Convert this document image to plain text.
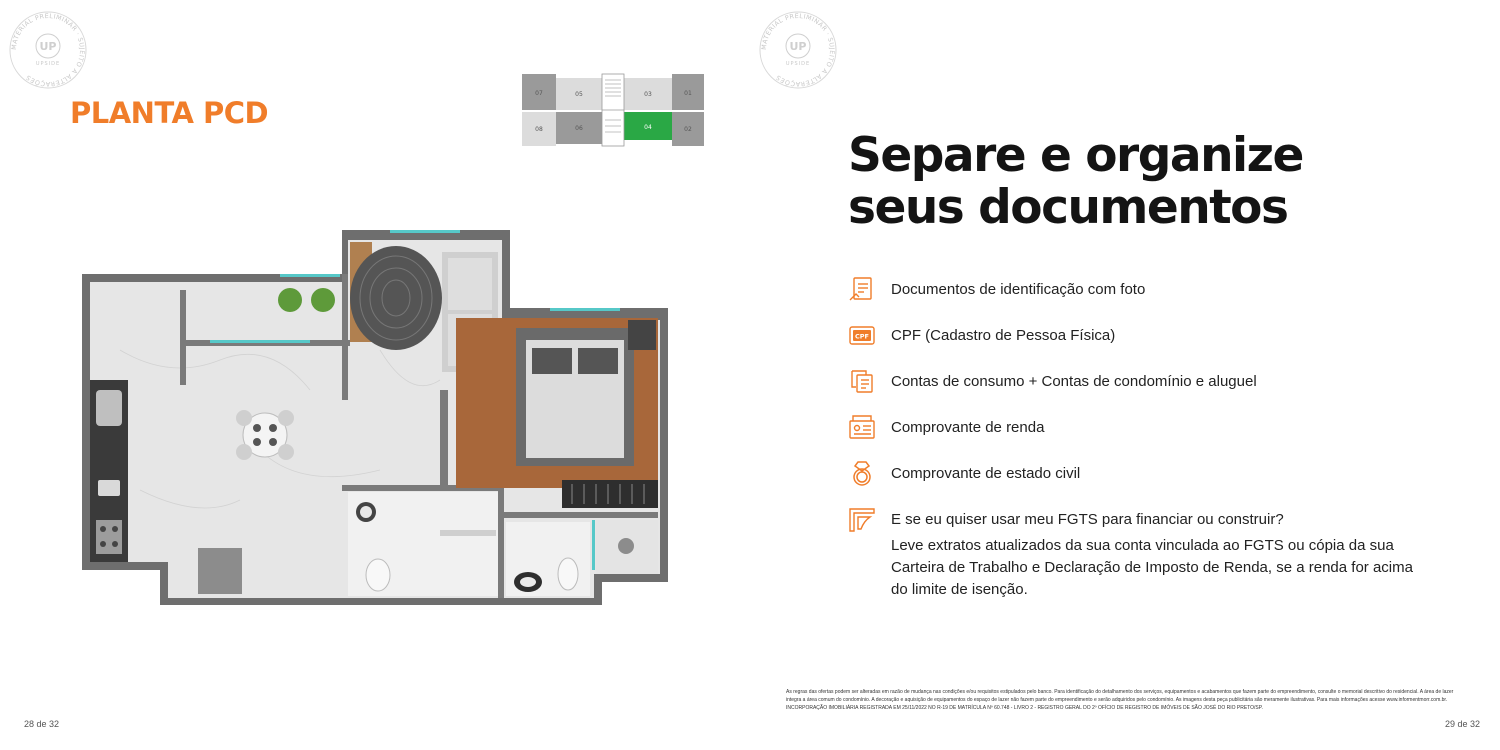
MATERIAL PRELIMINAR · SUJEITO A ALTERAÇÕES
UP
UPSIDE
MATERIAL PRELIMINAR · SUJEITO A ALTERAÇÕES
UP
UPSIDE
PLANTA PCD
07	05	03	01
08	06	04	02
28 de 32
Separe e organize
seus documentos
Documentos de identificação com foto
CPF CPF (Cadastro de Pessoa Física)
Contas de consumo + Contas de condomínio e aluguel
Comprovante de renda
Comprovante de estado civil
E se eu quiser usar meu FGTS para financiar ou construir?
Leve extratos atualizados da sua conta vinculada ao FGTS ou cópia da sua Carteira de Trabalho e Declaração de Imposto de Renda, se a renda for acima do limite de isenção.
As regras das ofertas podem ser alteradas em razão de mudança nas condições e/ou requisitos estipulados pelo banco. Para identificação do detalhamento dos serviços, equipamentos e acabamentos que fazem parte do empreendimento, consulte o memorial descritivo do residencial. A área de lazer integra a área comum do condomínio. A decoração e aquisição de equipamentos do espaço de lazer não fazem parte do empreendimento e serão adquiridos pelo condomínio. As imagens desta peça publicitária são meramente ilustrativas. Para mais informações acesse www.informentmorr.com.br. INCORPORAÇÃO IMOBILIÁRIA REGISTRADA EM 25/11/2022 NO R-19 DE MATRÍCULA Nº 60.748 - LIVRO 2 - REGISTRO GERAL DO 2º OFÍCIO DE REGISTRO DE IMÓVEIS DE SÃO JOSÉ DO RIO PRETO/SP.
29 de 32
